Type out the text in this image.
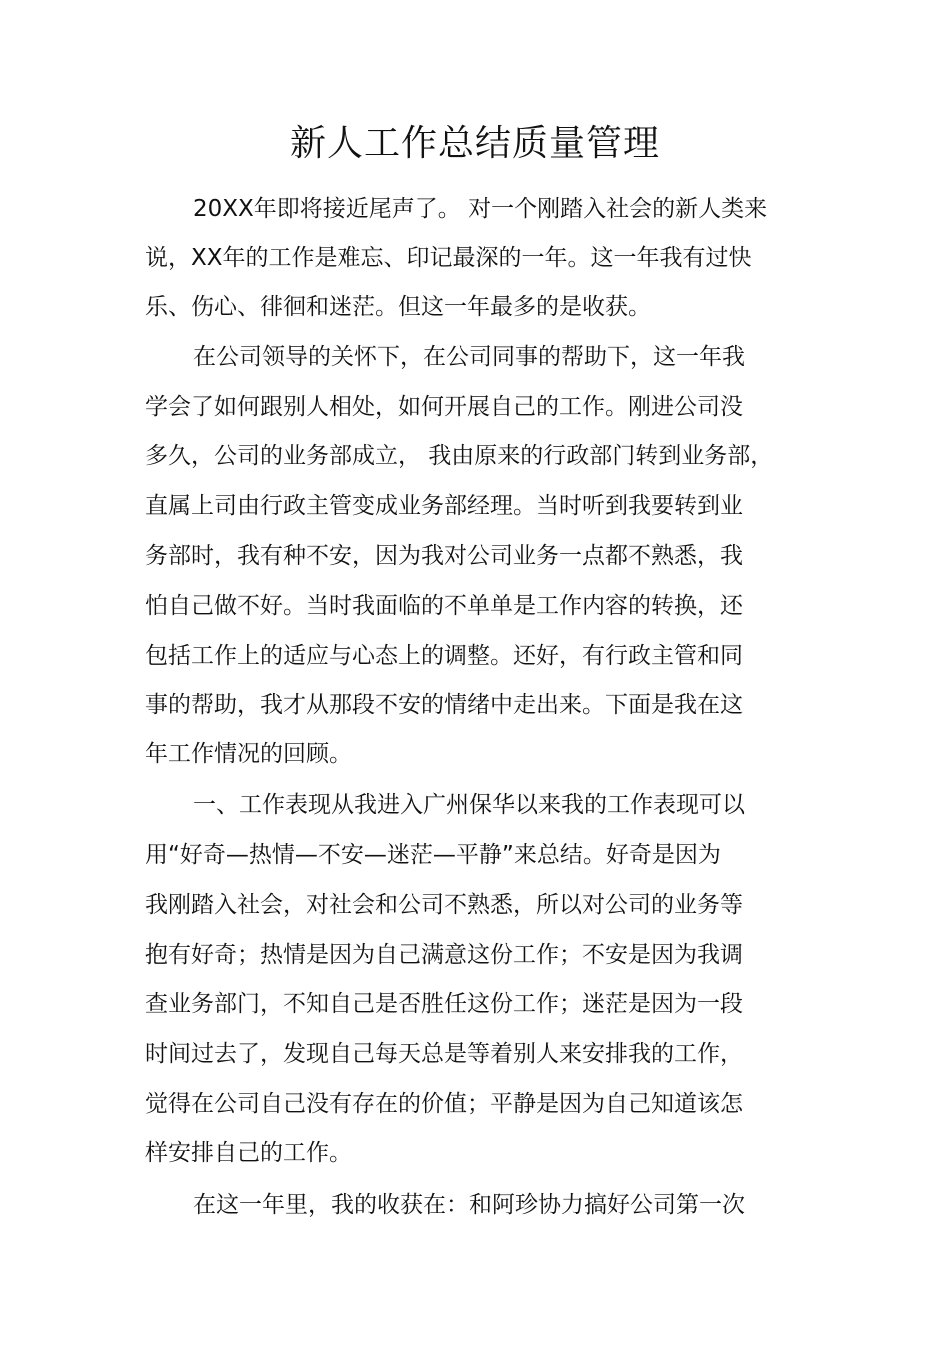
新人工作总结质量管理

20XX年即将接近尾声了。 对一个刚踏入社会的新人类来

说，XX年的工作是难忘、印记最深的一年。这一年我有过快

乐、伤心、徘徊和迷茫。但这一年最多的是收获。

在公司领导的关怀下，在公司同事的帮助下，这一年我

学会了如何跟别人相处，如何开展自己的工作。刚进公司没

多久，公司的业务部成立， 我由原来的行政部门转到业务部，

直属上司由行政主管变成业务部经理。当时听到我要转到业

务部时，我有种不安，因为我对公司业务一点都不熟悉，我

怕自己做不好。当时我面临的不单单是工作内容的转换，还

包括工作上的适应与心态上的调整。还好，有行政主管和同

事的帮助，我才从那段不安的情绪中走出来。下面是我在这

年工作情况的回顾。

一、工作表现从我进入广州保华以来我的工作表现可以

用“好奇—热情—不安—迷茫—平静”来总结。好奇是因为

我刚踏入社会，对社会和公司不熟悉，所以对公司的业务等

抱有好奇；热情是因为自己满意这份工作；不安是因为我调

查业务部门，不知自己是否胜任这份工作；迷茫是因为一段

时间过去了，发现自己每天总是等着别人来安排我的工作，

觉得在公司自己没有存在的价值；平静是因为自己知道该怎

样安排自己的工作。

在这一年里，我的收获在：和阿珍协力搞好公司第一次
